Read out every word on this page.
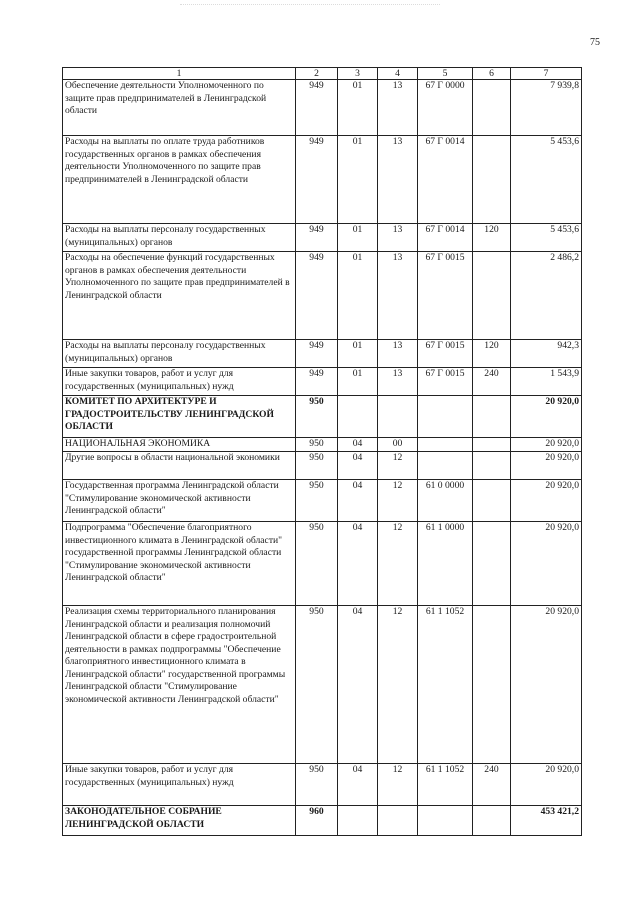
75
1	2	3	4	5	6	7
Обеспечение деятельности Уполномоченного по защите прав предпринимателей в Ленинградской области	949	01	13	67 Г 0000		7 939,8
Расходы на выплаты по оплате труда работников государственных органов в рамках обеспечения деятельности Уполномоченного по защите прав предпринимателей в Ленинградской области	949	01	13	67 Г 0014		5 453,6
Расходы на выплаты персоналу государственных (муниципальных) органов	949	01	13	67 Г 0014	120	5 453,6
Расходы на обеспечение функций государственных органов в рамках обеспечения деятельности Уполномоченного по защите прав предпринимателей в Ленинградской области	949	01	13	67 Г 0015		2 486,2
Расходы на выплаты персоналу государственных (муниципальных) органов	949	01	13	67 Г 0015	120	942,3
Иные закупки товаров, работ и услуг для государственных (муниципальных) нужд	949	01	13	67 Г 0015	240	1 543,9
КОМИТЕТ ПО АРХИТЕКТУРЕ И ГРАДОСТРОИТЕЛЬСТВУ ЛЕНИНГРАДСКОЙ ОБЛАСТИ	950					20 920,0
НАЦИОНАЛЬНАЯ ЭКОНОМИКА	950	04	00			20 920,0
Другие вопросы в области национальной экономики	950	04	12			20 920,0
Государственная программа Ленинградской области "Стимулирование экономической активности Ленинградской области"	950	04	12	61 0 0000		20 920,0
Подпрограмма "Обеспечение благоприятного инвестиционного климата в Ленинградской области" государственной программы Ленинградской области "Стимулирование экономической активности Ленинградской области"	950	04	12	61 1 0000		20 920,0
Реализация схемы территориального планирования Ленинградской области и реализация полномочий Ленинградской области в сфере градостроительной деятельности в рамках подпрограммы "Обеспечение благоприятного инвестиционного климата в Ленинградской области" государственной программы Ленинградской области "Стимулирование экономической активности Ленинградской области"	950	04	12	61 1 1052		20 920,0
Иные закупки товаров, работ и услуг для государственных (муниципальных) нужд	950	04	12	61 1 1052	240	20 920,0
ЗАКОНОДАТЕЛЬНОЕ СОБРАНИЕ ЛЕНИНГРАДСКОЙ ОБЛАСТИ	960					453 421,2
